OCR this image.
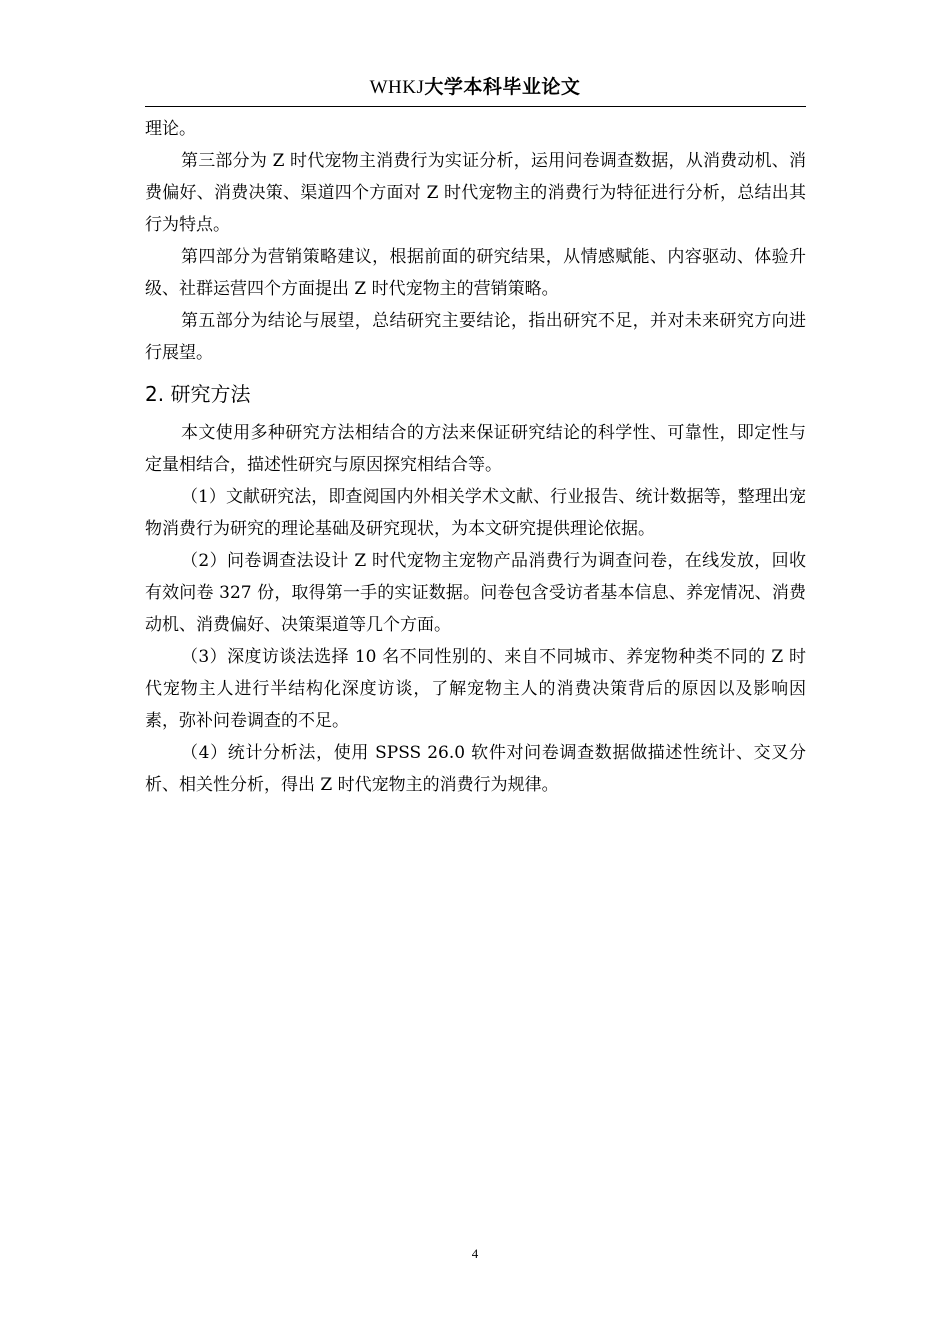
WHKJ大学本科毕业论文

理论。

第三部分为 Z 时代宠物主消费行为实证分析，运用问卷调查数据，从消费动机、消费偏好、消费决策、渠道四个方面对 Z 时代宠物主的消费行为特征进行分析，总结出其行为特点。

第四部分为营销策略建议，根据前面的研究结果，从情感赋能、内容驱动、体验升级、社群运营四个方面提出 Z 时代宠物主的营销策略。

第五部分为结论与展望，总结研究主要结论，指出研究不足，并对未来研究方向进行展望。

2. 研究方法

本文使用多种研究方法相结合的方法来保证研究结论的科学性、可靠性，即定性与定量相结合，描述性研究与原因探究相结合等。

（1）文献研究法，即查阅国内外相关学术文献、行业报告、统计数据等，整理出宠物消费行为研究的理论基础及研究现状，为本文研究提供理论依据。

（2）问卷调查法设计 Z 时代宠物主宠物产品消费行为调查问卷，在线发放，回收有效问卷 327 份，取得第一手的实证数据。问卷包含受访者基本信息、养宠情况、消费动机、消费偏好、决策渠道等几个方面。

（3）深度访谈法选择 10 名不同性别的、来自不同城市、养宠物种类不同的 Z 时代宠物主人进行半结构化深度访谈，了解宠物主人的消费决策背后的原因以及影响因素，弥补问卷调查的不足。

（4）统计分析法，使用 SPSS 26.0 软件对问卷调查数据做描述性统计、交叉分析、相关性分析，得出 Z 时代宠物主的消费行为规律。

4
